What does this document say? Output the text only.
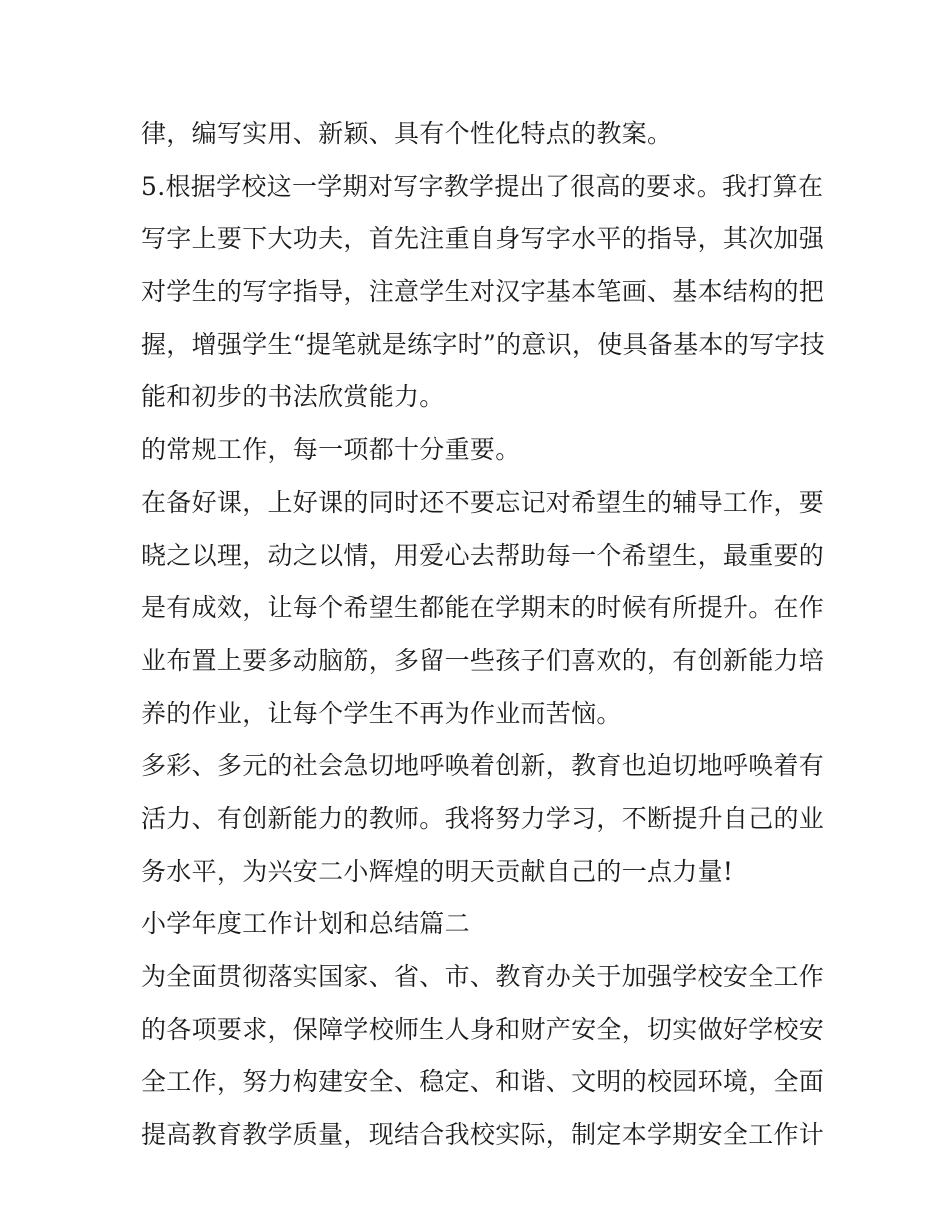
律，编写实用、新颖、具有个性化特点的教案。
5.根据学校这一学期对写字教学提出了很高的要求。我打算在
写字上要下大功夫，首先注重自身写字水平的指导，其次加强
对学生的写字指导，注意学生对汉字基本笔画、基本结构的把
握，增强学生“提笔就是练字时”的意识，使具备基本的写字技
能和初步的书法欣赏能力。
的常规工作，每一项都十分重要。
在备好课，上好课的同时还不要忘记对希望生的辅导工作，要
晓之以理，动之以情，用爱心去帮助每一个希望生，最重要的
是有成效，让每个希望生都能在学期末的时候有所提升。在作
业布置上要多动脑筋，多留一些孩子们喜欢的，有创新能力培
养的作业，让每个学生不再为作业而苦恼。
多彩、多元的社会急切地呼唤着创新，教育也迫切地呼唤着有
活力、有创新能力的教师。我将努力学习，不断提升自己的业
务水平，为兴安二小辉煌的明天贡献自己的一点力量!
小学年度工作计划和总结篇二
为全面贯彻落实国家、省、市、教育办关于加强学校安全工作
的各项要求，保障学校师生人身和财产安全，切实做好学校安
全工作，努力构建安全、稳定、和谐、文明的校园环境，全面
提高教育教学质量，现结合我校实际，制定本学期安全工作计
